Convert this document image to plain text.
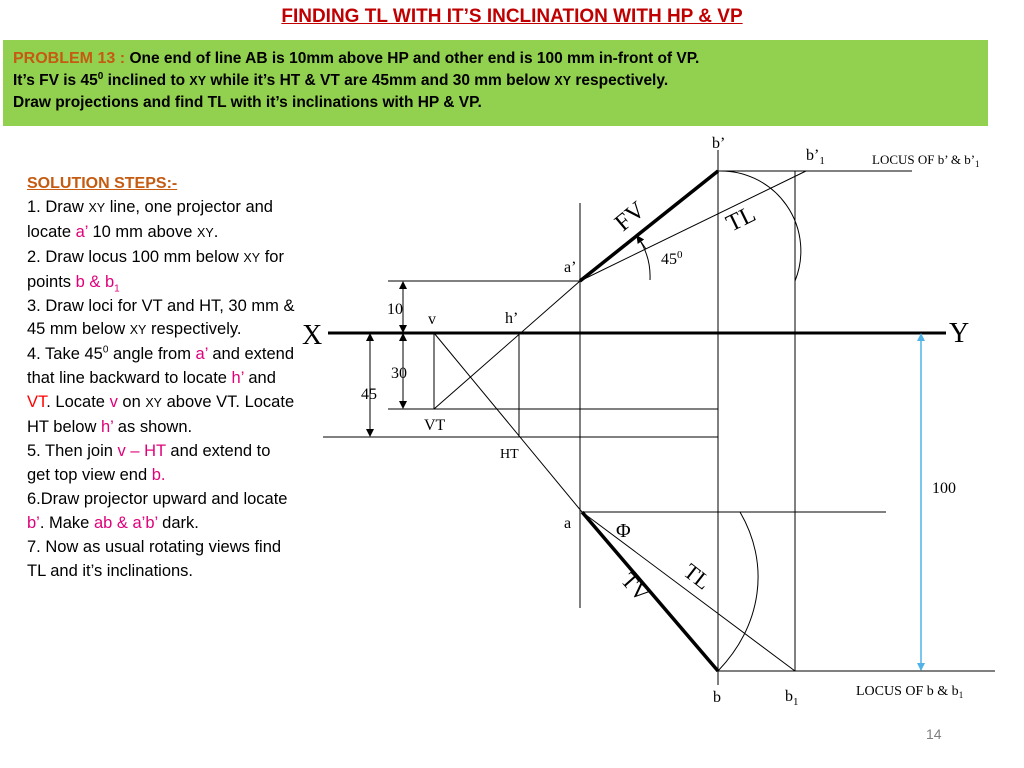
FINDING TL WITH IT’S INCLINATION WITH HP & VP
PROBLEM 13 : One end of line AB is 10mm above HP and other end is 100 mm in-front of VP.
It’s FV is $45^0$ inclined to XY while it’s HT & VT are 45mm and 30 mm below XY respectively.
Draw projections and find TL with it’s inclinations with HP & VP.
SOLUTION STEPS:-
1. Draw XY line, one projector and locate a’ 10 mm above XY.
2. Draw locus 100 mm below XY for points b & $b_1$
3. Draw loci for VT and HT, 30 mm & 45 mm below XY respectively.
4. Take $45^0$ angle from a’ and extend that line backward to locate h’ and VT. Locate v on XY above VT. Locate HT below h’ as shown.
5. Then join v – HT and extend to get top view end b.
6.Draw projector upward and locate b’. Make ab & a’b’ dark.
7. Now as usual rotating views find TL and it’s inclinations.
X	Y
b’
$b’_1$	LOCUS OF b’ & $b’_1$
a’	$45^0$
FV	TL
v	h’
10
30
45
VT
HT
100
a Φ
TL
TV
b	$b_1$
LOCUS OF b & $b_1$
14
